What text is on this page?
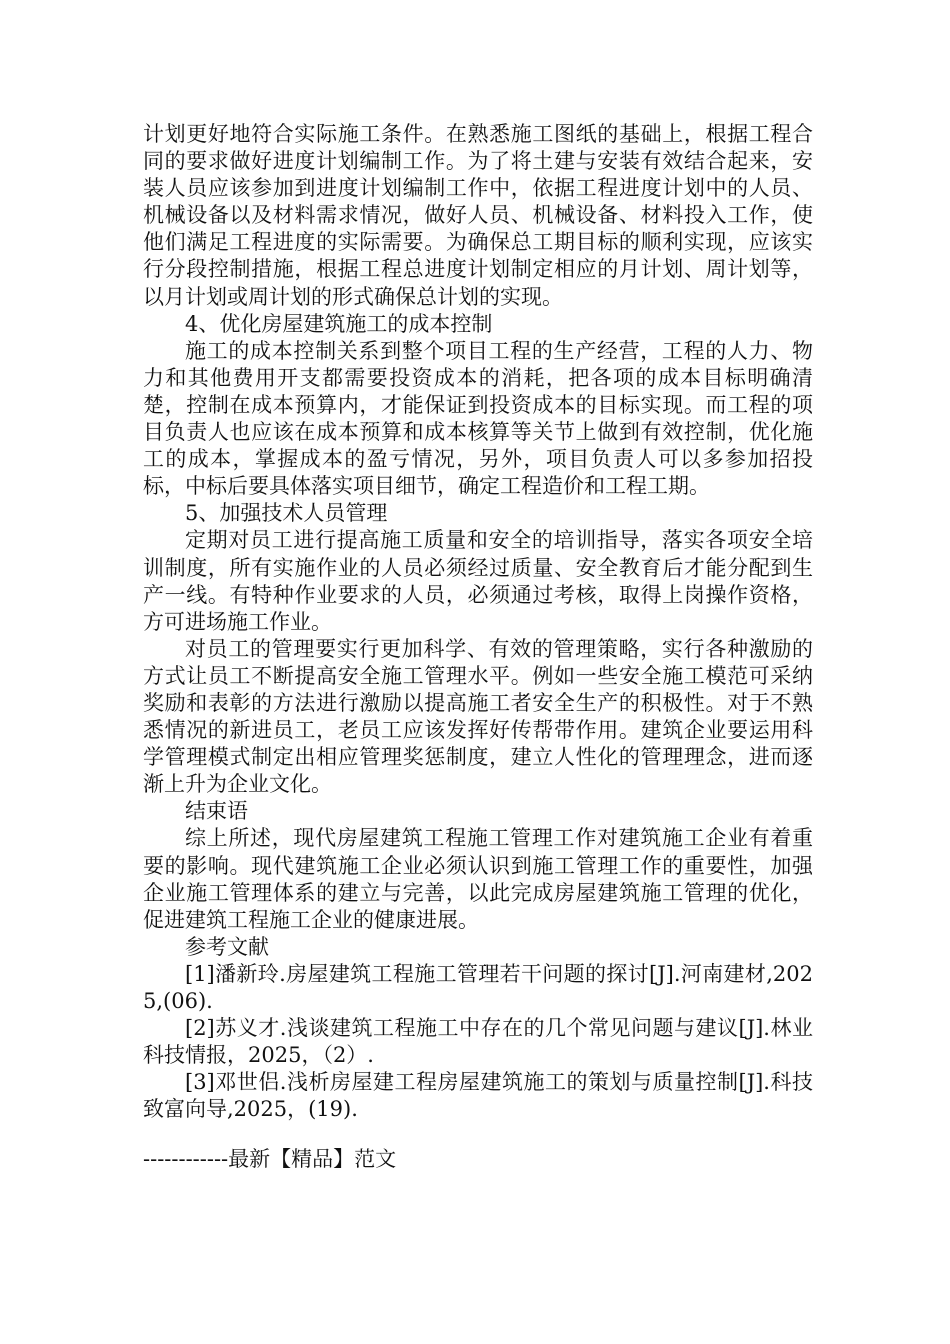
计划更好地符合实际施工条件。在熟悉施工图纸的基础上，根据工程合同的要求做好进度计划编制工作。为了将土建与安装有效结合起来，安装人员应该参加到进度计划编制工作中，依据工程进度计划中的人员、机械设备以及材料需求情况，做好人员、机械设备、材料投入工作，使他们满足工程进度的实际需要。为确保总工期目标的顺利实现，应该实行分段控制措施，根据工程总进度计划制定相应的月计划、周计划等，以月计划或周计划的形式确保总计划的实现。

4、优化房屋建筑施工的成本控制

施工的成本控制关系到整个项目工程的生产经营，工程的人力、物力和其他费用开支都需要投资成本的消耗，把各项的成本目标明确清楚，控制在成本预算内，才能保证到投资成本的目标实现。而工程的项目负责人也应该在成本预算和成本核算等关节上做到有效控制，优化施工的成本，掌握成本的盈亏情况，另外，项目负责人可以多参加招投标，中标后要具体落实项目细节，确定工程造价和工程工期。

5、加强技术人员管理

定期对员工进行提高施工质量和安全的培训指导，落实各项安全培训制度，所有实施作业的人员必须经过质量、安全教育后才能分配到生产一线。有特种作业要求的人员，必须通过考核，取得上岗操作资格，方可进场施工作业。

对员工的管理要实行更加科学、有效的管理策略，实行各种激励的方式让员工不断提高安全施工管理水平。例如一些安全施工模范可采纳奖励和表彰的方法进行激励以提高施工者安全生产的积极性。对于不熟悉情况的新进员工，老员工应该发挥好传帮带作用。建筑企业要运用科学管理模式制定出相应管理奖惩制度，建立人性化的管理理念，进而逐渐上升为企业文化。

结束语

综上所述，现代房屋建筑工程施工管理工作对建筑施工企业有着重要的影响。现代建筑施工企业必须认识到施工管理工作的重要性，加强企业施工管理体系的建立与完善，以此完成房屋建筑施工管理的优化，促进建筑工程施工企业的健康进展。

参考文献

[1]潘新玲.房屋建筑工程施工管理若干问题的探讨[J].河南建材,2025,(06).

[2]苏义才.浅谈建筑工程施工中存在的几个常见问题与建议[J].林业科技情报，2025，（2）.

[3]邓世侣.浅析房屋建工程房屋建筑施工的策划与质量控制[J].科技致富向导,2025，(19).

------------最新【精品】范文
